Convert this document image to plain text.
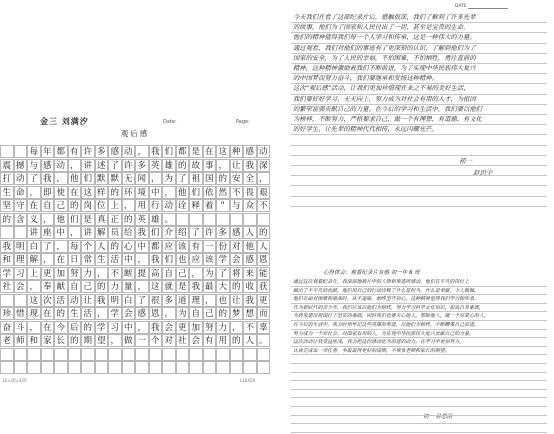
金三 刘满汐	Date:	Page:
观后感
每 年 都 有 许 多 感 动 ， 我 们 都 是 在 这 种 感 动
震 撼 与 感 动 ， 讲 述 了 许 多 英 雄 的 故 事 ， 让 我 深
打 动 了 我 ， 他 们 默 默 无 闻 ， 为 了 祖 国 的 安 全 ，
生 命 ， 即 使 在 这 样 的 环 境 中 ， 他 们 依 然 不 畏 艰
坚 守 在 自 己 的 岗 位 上 ， 用 行 动 诠 释 着 “ 与 众 不
的 含 义 ， 他 们 是 真 正 的 英 雄 。
讲 座 中 ， 讲 解 员 给 我 们 介 绍 了 许 多 感 人 的
我 明 白 了 ， 每 个 人 的 心 中 都 应 该 有 一 份 对 他 人
和 理 解 ， 在 日 常 生 活 中 ， 我 们 也 应 该 学 会 感 恩
学 习 上 更 加 努 力 ， 不 断 提 高 自 己 ， 为 了 将 来 能
社 会 ， 奉 献 自 己 的 力 量 ， 这 就 是 我 最 大 的 收 获
这 次 活 动 让 我 明 白 了 很 多 道 理 ， 也 让 我 更
珍 惜 现 在 的 生 活 ， 学 会 感 恩 ， 为 自 己 的 梦 想 而
奋 斗 ， 在 今 后 的 学 习 中 ， 我 会 更 加 努 力 ， 不 辜
老 师 和 家 长 的 期 望 ， 做 一 个 对 社 会 有 用 的 人 。
16×20=320	L16X20
DATE
初一
赵思宇
今天我们在看了这部纪录片后，感触很深，我们了解到了许多先辈
的故事，他们为了国家和人民付出了一切，甚至是宝贵的生命，
他们的精神值得我们每一个人学习和传承，这是一种伟大的力量。
通过观看，我们对他们的事迹有了更深刻的认识，了解到他们为了
国家的安全，为了人民的幸福，不怕困难，不怕牺牲，勇往直前的
精神，这种精神激励着我们不断前进，为了实现中华民族伟大复兴
的中国梦而努力奋斗，我们要继承和发扬这种精神。
这次“观后感”活动，让我们更加珍惜现在来之不易的美好生活，
我们要好好学习，天天向上，努力成为对社会有用的人才，为祖国
的繁荣富强贡献自己的力量。在今后的学习和生活中，我们要以他们
为榜样，不断努力，严格要求自己，做一个有理想、有道德、有文化
的好学生，让先辈的精神代代相传，永远闪耀光芒。
心得体会：观看纪录片有感 初一年 6 班
初一 孙思雨
通过这次观看纪录片，我深深地被片中的人物和事迹所感动，他们在平凡的岗位上
做出了不平凡的贡献，他们用自己的行动诠释了什么是担当，什么是奉献，令人敬佩。
他们在面对困难和挑战时，从不退缩，始终坚守初心，这种精神值得我们学习和传承。
作为新时代的青少年，我们应该以他们为榜样，努力学习科学文化知识，提高自身素质，
为将来建设祖国打下坚实的基础，同时我们也要关心他人，帮助他人，做一个有爱心的人。
在今后的生活中，我会时刻牢记这些英雄的事迹，以他们为榜样，不断鞭策自己前进，
努力成为一个对社会、对国家有用的人，为实现中华民族伟大复兴贡献自己的力量。
这次活动让我受益匪浅，我会把这份感动化为前进的动力，在学习中更加努力，
认真完成每一项任务，争取取得更好的成绩，不辜负老师和家长的期望。
